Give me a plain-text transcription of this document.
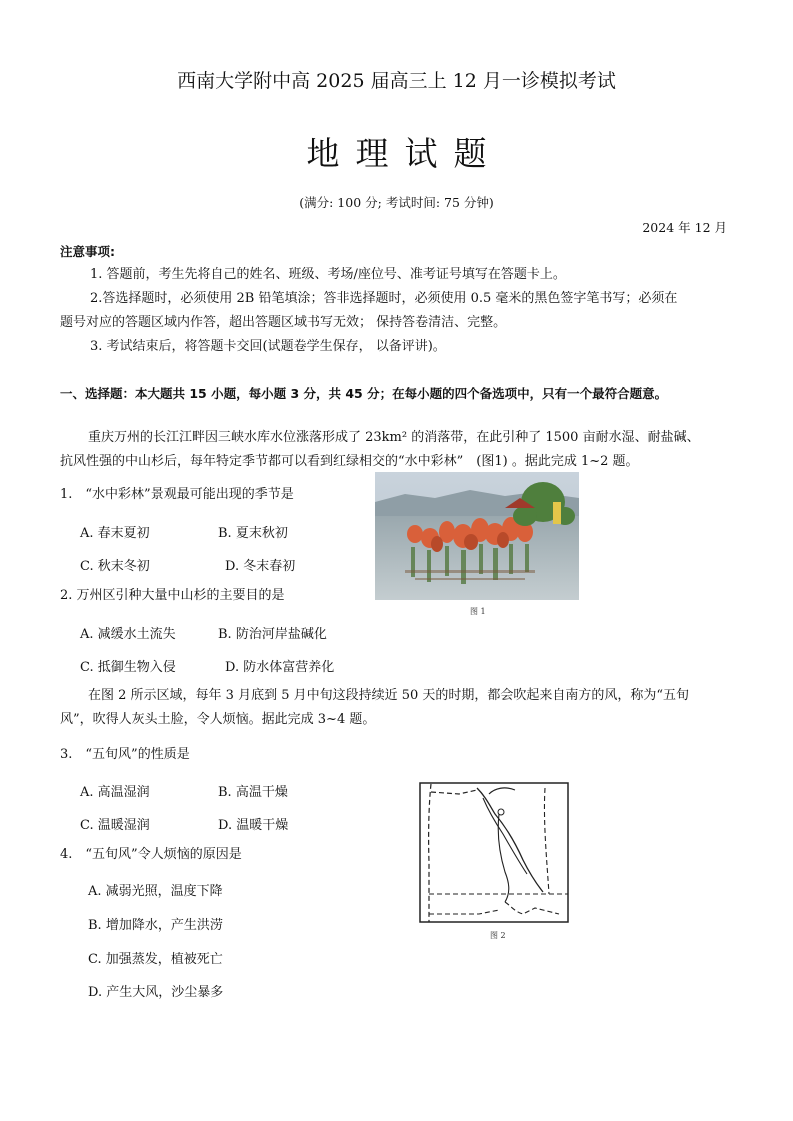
西南大学附中高 2025 届高三上 12 月一诊模拟考试
地理试题
(满分: 100 分; 考试时间: 75 分钟)
2024 年 12 月
注意事项:
1. 答题前，考生先将自己的姓名、班级、考场/座位号、准考证号填写在答题卡上。
2.答选择题时，必须使用 2B 铅笔填涂；答非选择题时，必须使用 0.5 毫米的黑色签字笔书写；必须在
题号对应的答题区域内作答，超出答题区域书写无效； 保持答卷清洁、完整。
3. 考试结束后，将答题卡交回(试题卷学生保存， 以备评讲)。
一、选择题：本大题共 15 小题，每小题 3 分，共 45 分；在每小题的四个备选项中，只有一个最符合题意。
重庆万州的长江江畔因三峡水库水位涨落形成了 23km² 的消落带，在此引种了 1500 亩耐水湿、耐盐碱、
抗风性强的中山杉后，每年特定季节都可以看到红绿相交的“水中彩林”　(图1) 。据此完成 1~2 题。
1.　“水中彩林”景观最可能出现的季节是
A. 春末夏初	B. 夏末秋初
C. 秋末冬初	D. 冬末春初
2. 万州区引种大量中山杉的主要目的是
A. 减缓水土流失	B. 防治河岸盐碱化
C. 抵御生物入侵	D. 防水体富营养化
图 1
在图 2 所示区域，每年 3 月底到 5 月中旬这段持续近 50 天的时期，都会吹起来自南方的风，称为“五旬
风”，吹得人灰头土脸，令人烦恼。据此完成 3~4 题。
3.　“五旬风”的性质是
A. 高温湿润	B. 高温干燥
C. 温暖湿润	D. 温暖干燥
4.　“五旬风”令人烦恼的原因是
A. 减弱光照，温度下降
B. 增加降水，产生洪涝
C. 加强蒸发，植被死亡
D. 产生大风，沙尘暴多
图 2
